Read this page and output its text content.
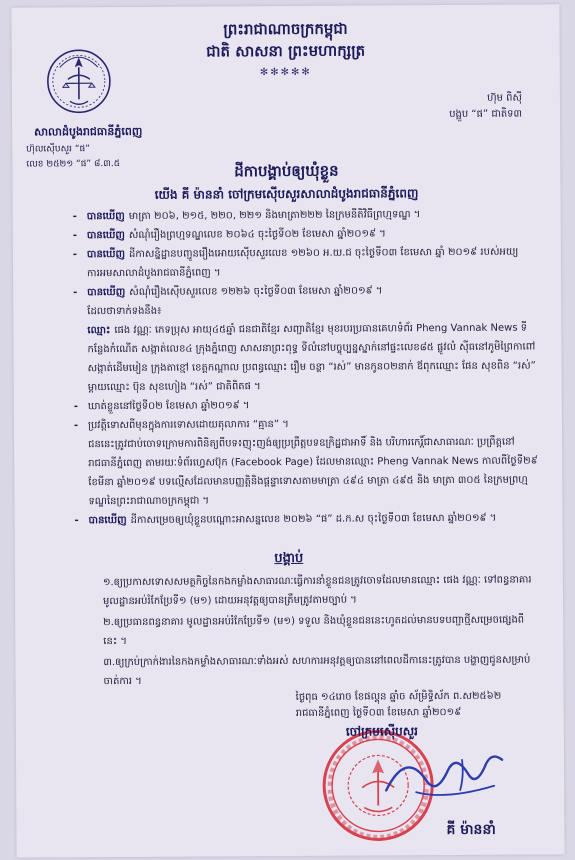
ព្រះរាជាណាចក្រកម្ពុជា
ជាតិ សាសនា ព្រះមហាក្សត្រ
✻✻✻✻✻
សាលាដំបូងរាជធានីភ្នំពេញ
ហ៊ុលស៊ើបសួរ “ផ”
លេខ ២៥២១ “ផ” ៨.៣.៥
ហ៊ុម ពិស៊ី
បង្អួប “ផ” ជាតិទ៣
ដីកាបង្គាប់ឲ្យឃុំខ្លួន
យើង គី ម៉ាននាំ ចៅក្រមស៊ើបសួរសាលាដំបូងរាជធានីភ្នំពេញ
- បានឃើញ មាត្រា ២០៦, ២១៥, ២២០, ២២១ និងមាត្រា២២២ នៃក្រមនីតិវិធីព្រហ្មទណ្ឌ ។
- បានឃើញ សំណុំរឿងព្រហ្មទណ្ឌលេខ ២០៦៤ ចុះថ្ងៃទី០២ ខែមេសា ឆ្នាំ២០១៩ ។
- បានឃើញ ដីកាសន្និដ្ឋានបញ្ជូនរឿងអោយស៊ើបសួរលេខ ១២៦០ អ.យ.ជ ចុះថ្ងៃទី០៣ ខែមេសា ឆ្នាំ ២០១៩ របស់អយ្យការអមសាលាដំបូងរាជធានីភ្នំពេញ ។
- បានឃើញ សំណុំរឿងស៊ើបសួរលេខ ១២២៦ ចុះថ្ងៃទី០៣ ខែមេសា ឆ្នាំ២០១៩ ។
ដែលថាទាក់ទងនឹង៖
ឈ្មោះ ផេង វណ្ណៈ ភេទប្រុស អាយុ៤៥ឆ្នាំ ជនជាតិខ្មែរ សញ្ជាតិខ្មែរ មុខរបរប្រធានគេហទំព័រ Pheng Vannak News ទីកន្លែងកំណើត សង្កាត់លេខ៤ ក្រុងភ្នំពេញ សាសនាព្រះពុទ្ធ ទីលំនៅបច្ចុប្បន្នស្នាក់នៅផ្ទះលេខ៨៥ ផ្លូវលំ ស៊ីធនៅភូមិព្រៃកាពៅ សង្កាត់ដើមមៀន ក្រុងតាខ្មៅ ខេត្តកណ្តាល ប្រពន្ធឈ្មោះ រឿម ចន្ថា “រស់” មានកូន០២នាក់ ឪពុកឈ្មោះ ផែន សុខពិន “រស់” ម្តាយឈ្មោះ ប៊ុន សុខហៀង “រស់” ជាតិពិតផ ។
- ឃាត់ខ្លួននៅថ្ងៃទី០២ ខែមេសា ឆ្នាំ២០១៩ ។
- ប្រវត្តិទោសពីមុនក្នុងការទោសដោយតុលាការ “គ្មាន” ។
ជននេះត្រូវជាប់ចោទក្រោមការពិនិត្យពីបទ៖ញុះញង់ឲ្យប្រព្រឹត្តបទឧក្រិដ្ឋជាអាទិ៍ និង បរិហារកេរ្តិ៍ជាសាធារណៈ ប្រព្រឹត្តនៅរាជធានីភ្នំពេញ តាមរយៈទំព័រហ្វេសប៊ុក (Facebook Page) ដែលមានឈ្មោះ Pheng Vannak News កាលពីថ្ងៃទី២៩ ខែមីនា ឆ្នាំ២០១៩ បទល្មើសដែលមានបញ្ញត្តិនិងផ្តន្ទាទោសតាមមាត្រា ៤៩៤ មាត្រា ៤៩៥ និង មាត្រា ៣០៥ នៃក្រមព្រហ្មទណ្ឌនៃព្រះរាជាណាចក្រកម្ពុជា ។
- បានឃើញ ដីកាសម្រេចឲ្យឃុំខ្លួនបណ្តោះអាសន្នលេខ ២០២៦ “ផ” ដ.ក.ស ចុះថ្ងៃទី០៣ ខែមេសា ឆ្នាំ២០១៩ ។
បង្គាប់
១.ឲ្យប្រកាសទោសសមត្ថកិច្ចនៃកងកម្លាំងសាធារណៈធ្វើការនាំខ្លួនជនត្រូវចោទដែលមានឈ្មោះ ផេង វណ្ណៈ ទៅពន្ធនាគារ មូលដ្ឋានអប់រំកែប្រែទី១ (ម១) ដោយអនុវត្តឲ្យបានត្រឹមត្រូវតាមច្បាប់ ។
២.ឲ្យប្រធានពន្ធនាគារ មូលដ្ឋានអប់រំកែប្រែទី១ (ម១) ទទួល និងឃុំខ្លួនជននេះហូតដល់មានបទបញ្ជាថ្មីសម្រេចផ្សេងពីនេះ ។
៣.ឲ្យក្រប់ក្រាក់ងារនៃកងកម្លាំងសាធារណៈទាំងអស់ សហការអនុវត្តឲ្យបាននៅពេលដីកានេះត្រូវបាន បង្ហាញជូនសម្រាប់ចាត់ការ ។
ថ្ងៃពុធ ១៤រោច ខែផល្គុន ឆ្នាំច ស័ម្រិទ្ធិស័ក ព.ស២៥៦២
រាជធានីភ្នំពេញ ថ្ងៃទី០៣ ខែមេសា ឆ្នាំ២០១៩
ចៅក្រមស៊ើបសួរ
គី ម៉ាននាំ
